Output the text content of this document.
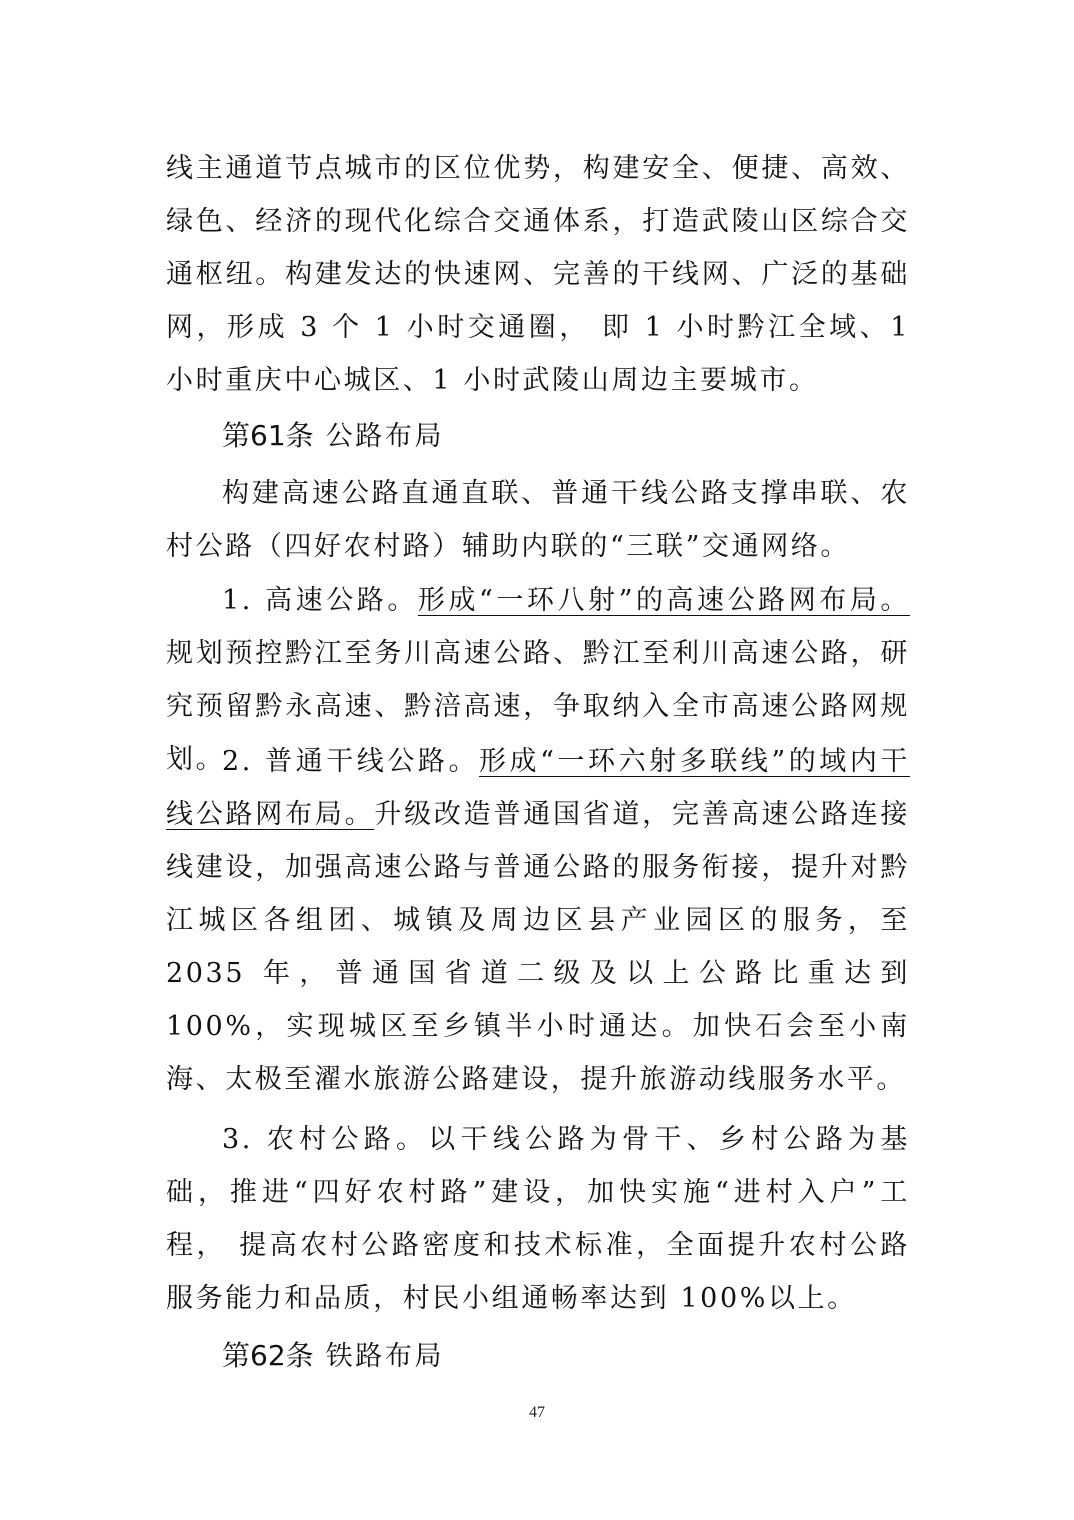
线主通道节点城市的区位优势，构建安全、便捷、高效、绿色、经济的现代化综合交通体系，打造武陵山区综合交通枢纽。构建发达的快速网、完善的干线网、广泛的基础网，形成 3 个 1 小时交通圈， 即 1 小时黔江全域、1 小时重庆中心城区、1 小时武陵山周边主要城市。
第61条 公路布局
构建高速公路直通直联、普通干线公路支撑串联、农村公路（四好农村路）辅助内联的“三联”交通网络。
1. 高速公路。形成“一环八射”的高速公路网布局。规划预控黔江至务川高速公路、黔江至利川高速公路，研究预留黔永高速、黔涪高速，争取纳入全市高速公路网规划。
2. 普通干线公路。形成“一环六射多联线”的域内干线公路网布局。升级改造普通国省道，完善高速公路连接线建设，加强高速公路与普通公路的服务衔接，提升对黔江城区各组团、城镇及周边区县产业园区的服务，至 2035 年，普通国省道二级及以上公路比重达到 100%，实现城区至乡镇半小时通达。加快石会至小南海、太极至濯水旅游公路建设，提升旅游动线服务水平。
3. 农村公路。以干线公路为骨干、乡村公路为基础，推进“四好农村路”建设，加快实施“进村入户”工程， 提高农村公路密度和技术标准，全面提升农村公路服务能力和品质，村民小组通畅率达到 100%以上。
第62条 铁路布局
47
